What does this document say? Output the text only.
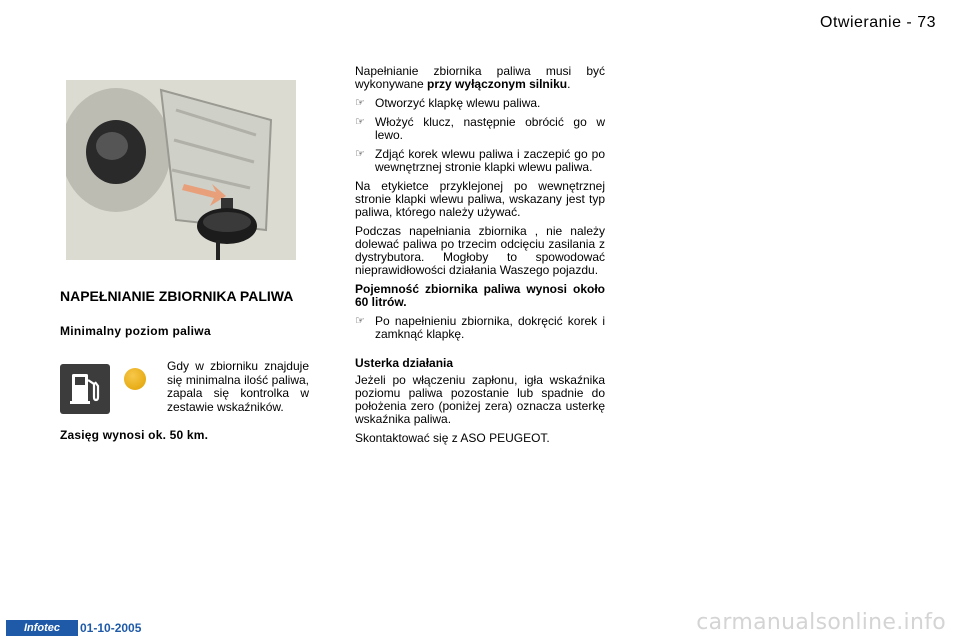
Otwieranie - 73
NAPEŁNIANIE ZBIORNIKA PALIWA
Minimalny poziom paliwa
Gdy w zbiorniku znajduje się minimalna ilość paliwa, zapala się kontrolka w zestawie wskaźników.
Zasięg wynosi ok. 50 km.

Napełnianie zbiornika paliwa musi być wykonywane przy wyłączonym silniku.

☞ Otworzyć klapkę wlewu paliwa.
☞ Włożyć klucz, następnie obrócić go w lewo.
☞ Zdjąć korek wlewu paliwa i zaczepić go po wewnętrznej stronie klapki wlewu paliwa.

Na etykietce przyklejonej po wewnętrznej stronie klapki wlewu paliwa, wskazany jest typ paliwa, którego należy używać.

Podczas napełniania zbiornika , nie należy dolewać paliwa po trzecim odcięciu zasilania z dystrybutora. Mogłoby to spowodować nieprawidłowości działania Waszego pojazdu.

Pojemność zbiornika paliwa wynosi około 60 litrów.

☞ Po napełnieniu zbiornika, dokręcić korek i zamknąć klapkę.
Usterka działania

Jeżeli po włączeniu zapłonu, igła wskaźnika poziomu paliwa pozostanie lub spadnie do położenia zero (poniżej zera) oznacza usterkę wskaźnika paliwa.

Skontaktować się z ASO PEUGEOT.

Infotec	01-10-2005	carmanualsonline.info
